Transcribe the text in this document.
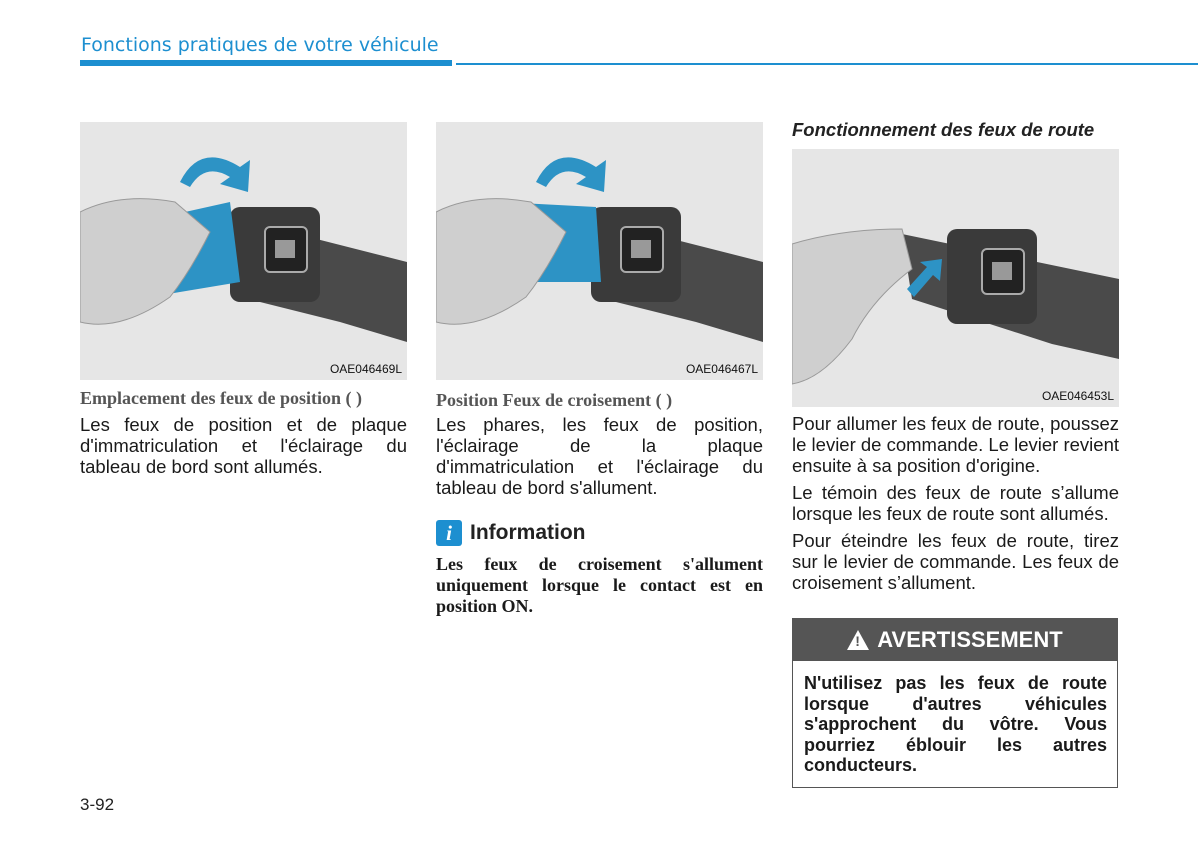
Fonctions pratiques de votre véhicule
OAE046469L
Emplacement des feux de position ( )

Les feux de position et de plaque d'immatriculation et l'éclairage du tableau de bord sont allumés.

OAE046467L
Position Feux de croisement ( )

Les phares, les feux de position, l'éclairage de la plaque d'immatriculation et l'éclairage du tableau de bord s'allument.

i Information

Les feux de croisement s'allument uniquement lorsque le contact est en position ON.

Fonctionnement des feux de route
OAE046453L

Pour allumer les feux de route, poussez le levier de commande. Le levier revient ensuite à sa position d'origine.

Le témoin des feux de route s’allume lorsque les feux de route sont allumés.

Pour éteindre les feux de route, tirez sur le levier de commande. Les feux de croisement s’allument.

! AVERTISSEMENT
N'utilisez pas les feux de route lorsque d'autres véhicules s'approchent du vôtre. Vous pourriez éblouir les autres conducteurs.
3-92
